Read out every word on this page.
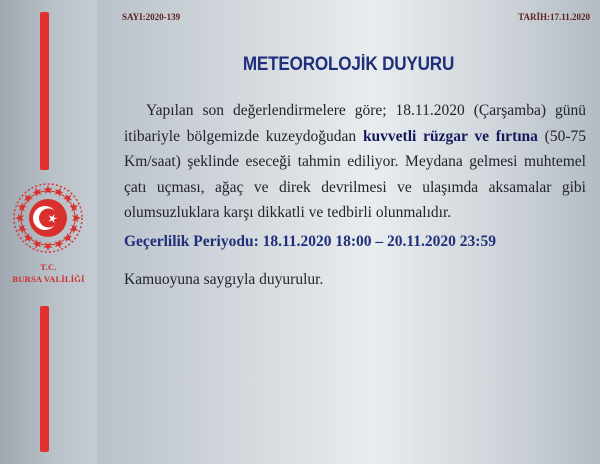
T.C.
BURSA VALİLİĞİ
SAYI:2020-139	TARİH:17.11.2020
METEOROLOJİK DUYURU
Yapılan son değerlendirmelere göre; 18.11.2020 (Çarşamba) günü itibariyle bölgemizde kuzeydoğudan kuvvetli rüzgar ve fırtına (50-75 Km/saat) şeklinde eseceği tahmin ediliyor. Meydana gelmesi muhtemel çatı uçması, ağaç ve direk devrilmesi ve ulaşımda aksamalar gibi olumsuzluklara karşı dikkatli ve tedbirli olunmalıdır.
Geçerlilik Periyodu: 18.11.2020 18:00 – 20.11.2020 23:59
Kamuoyuna saygıyla duyurulur.
